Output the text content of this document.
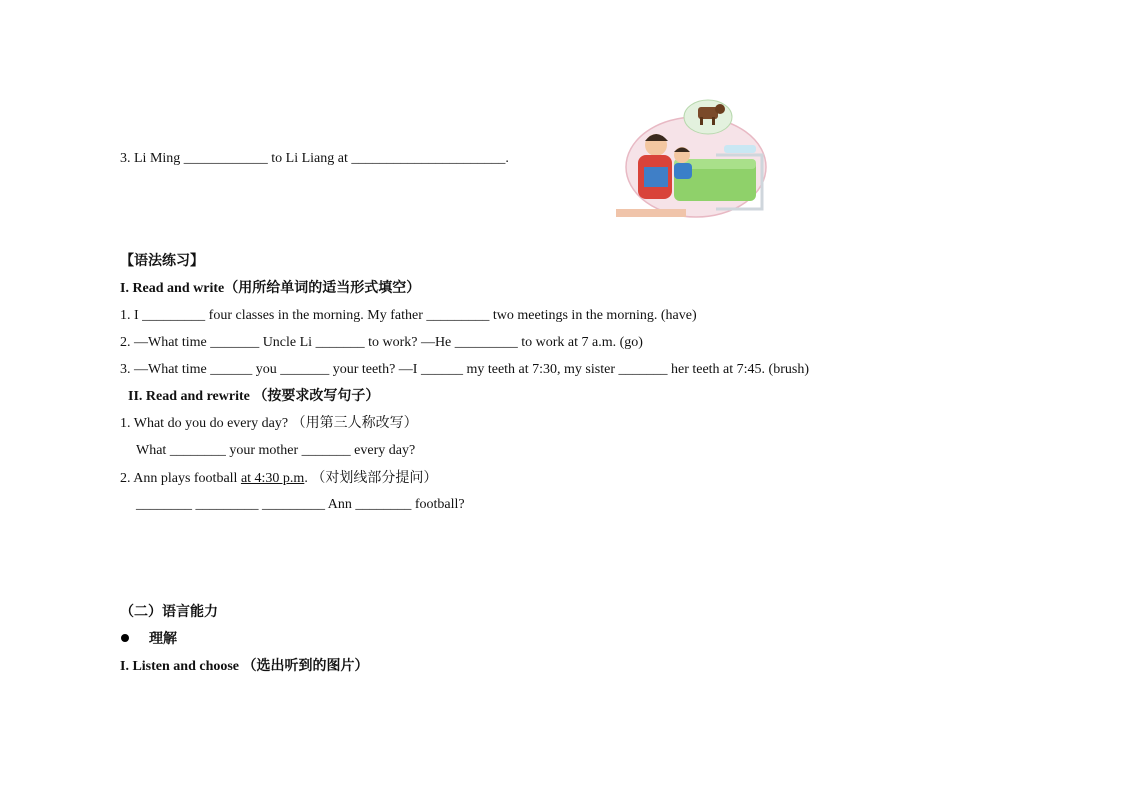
3. Li Ming ____________ to Li Liang at ______________________.
【语法练习】
I. Read and write（用所给单词的适当形式填空）
1. I _________ four classes in the morning. My father _________ two meetings in the morning. (have)
2. —What time _______ Uncle Li _______ to work? —He _________ to work at 7 a.m. (go)
3. —What time ______ you _______ your teeth? —I ______ my teeth at 7:30, my sister _______ her teeth at 7:45. (brush)
II. Read and rewrite （按要求改写句子）
1. What do you do every day? （用第三人称改写）
What ________ your mother _______ every day?
2. Ann plays football at 4:30 p.m. （对划线部分提问）
________ _________ _________ Ann ________ football?
（二）语言能力
理解
I. Listen and choose （选出听到的图片）
